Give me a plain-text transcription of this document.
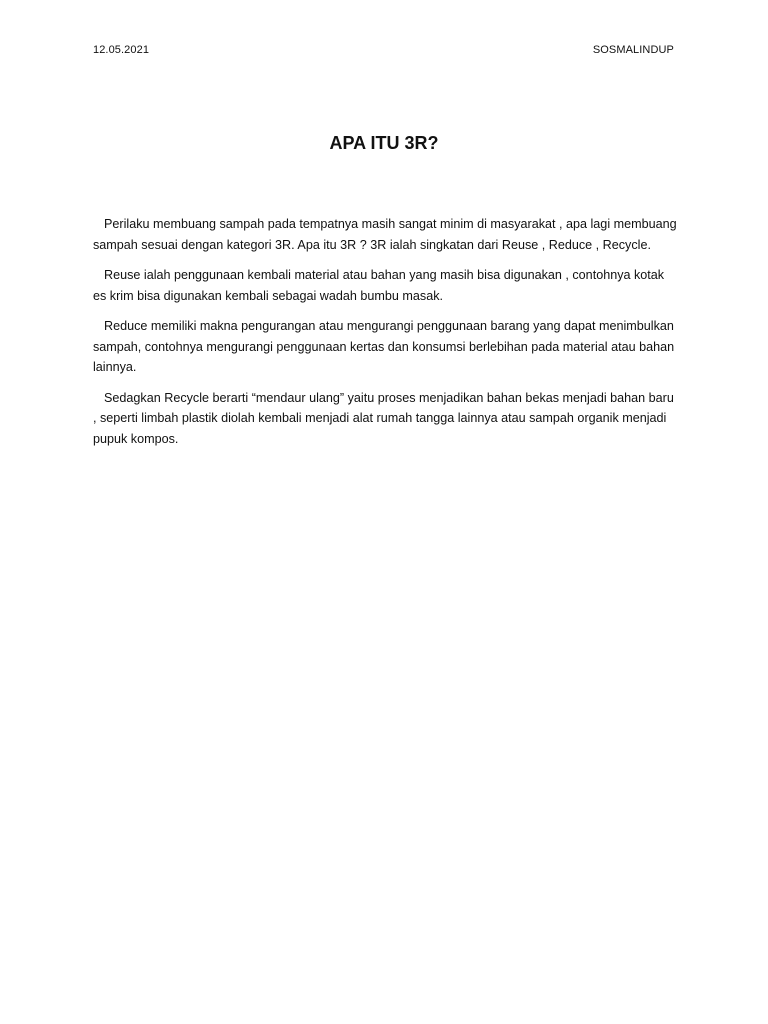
12.05.2021	SOSMALINDUP
APA ITU 3R?

Perilaku membuang sampah pada tempatnya masih sangat minim di masyarakat , apa lagi membuang sampah sesuai dengan kategori 3R. Apa itu 3R ? 3R ialah singkatan dari Reuse , Reduce , Recycle.

Reuse ialah penggunaan kembali material atau bahan yang masih bisa digunakan , contohnya kotak es krim bisa digunakan kembali sebagai wadah bumbu masak.

Reduce memiliki makna pengurangan atau mengurangi penggunaan barang yang dapat menimbulkan sampah, contohnya mengurangi penggunaan kertas dan konsumsi berlebihan pada material atau bahan lainnya.

Sedagkan Recycle berarti “mendaur ulang” yaitu proses menjadikan bahan bekas menjadi bahan baru , seperti limbah plastik diolah kembali menjadi alat rumah tangga lainnya atau sampah organik menjadi pupuk kompos.
